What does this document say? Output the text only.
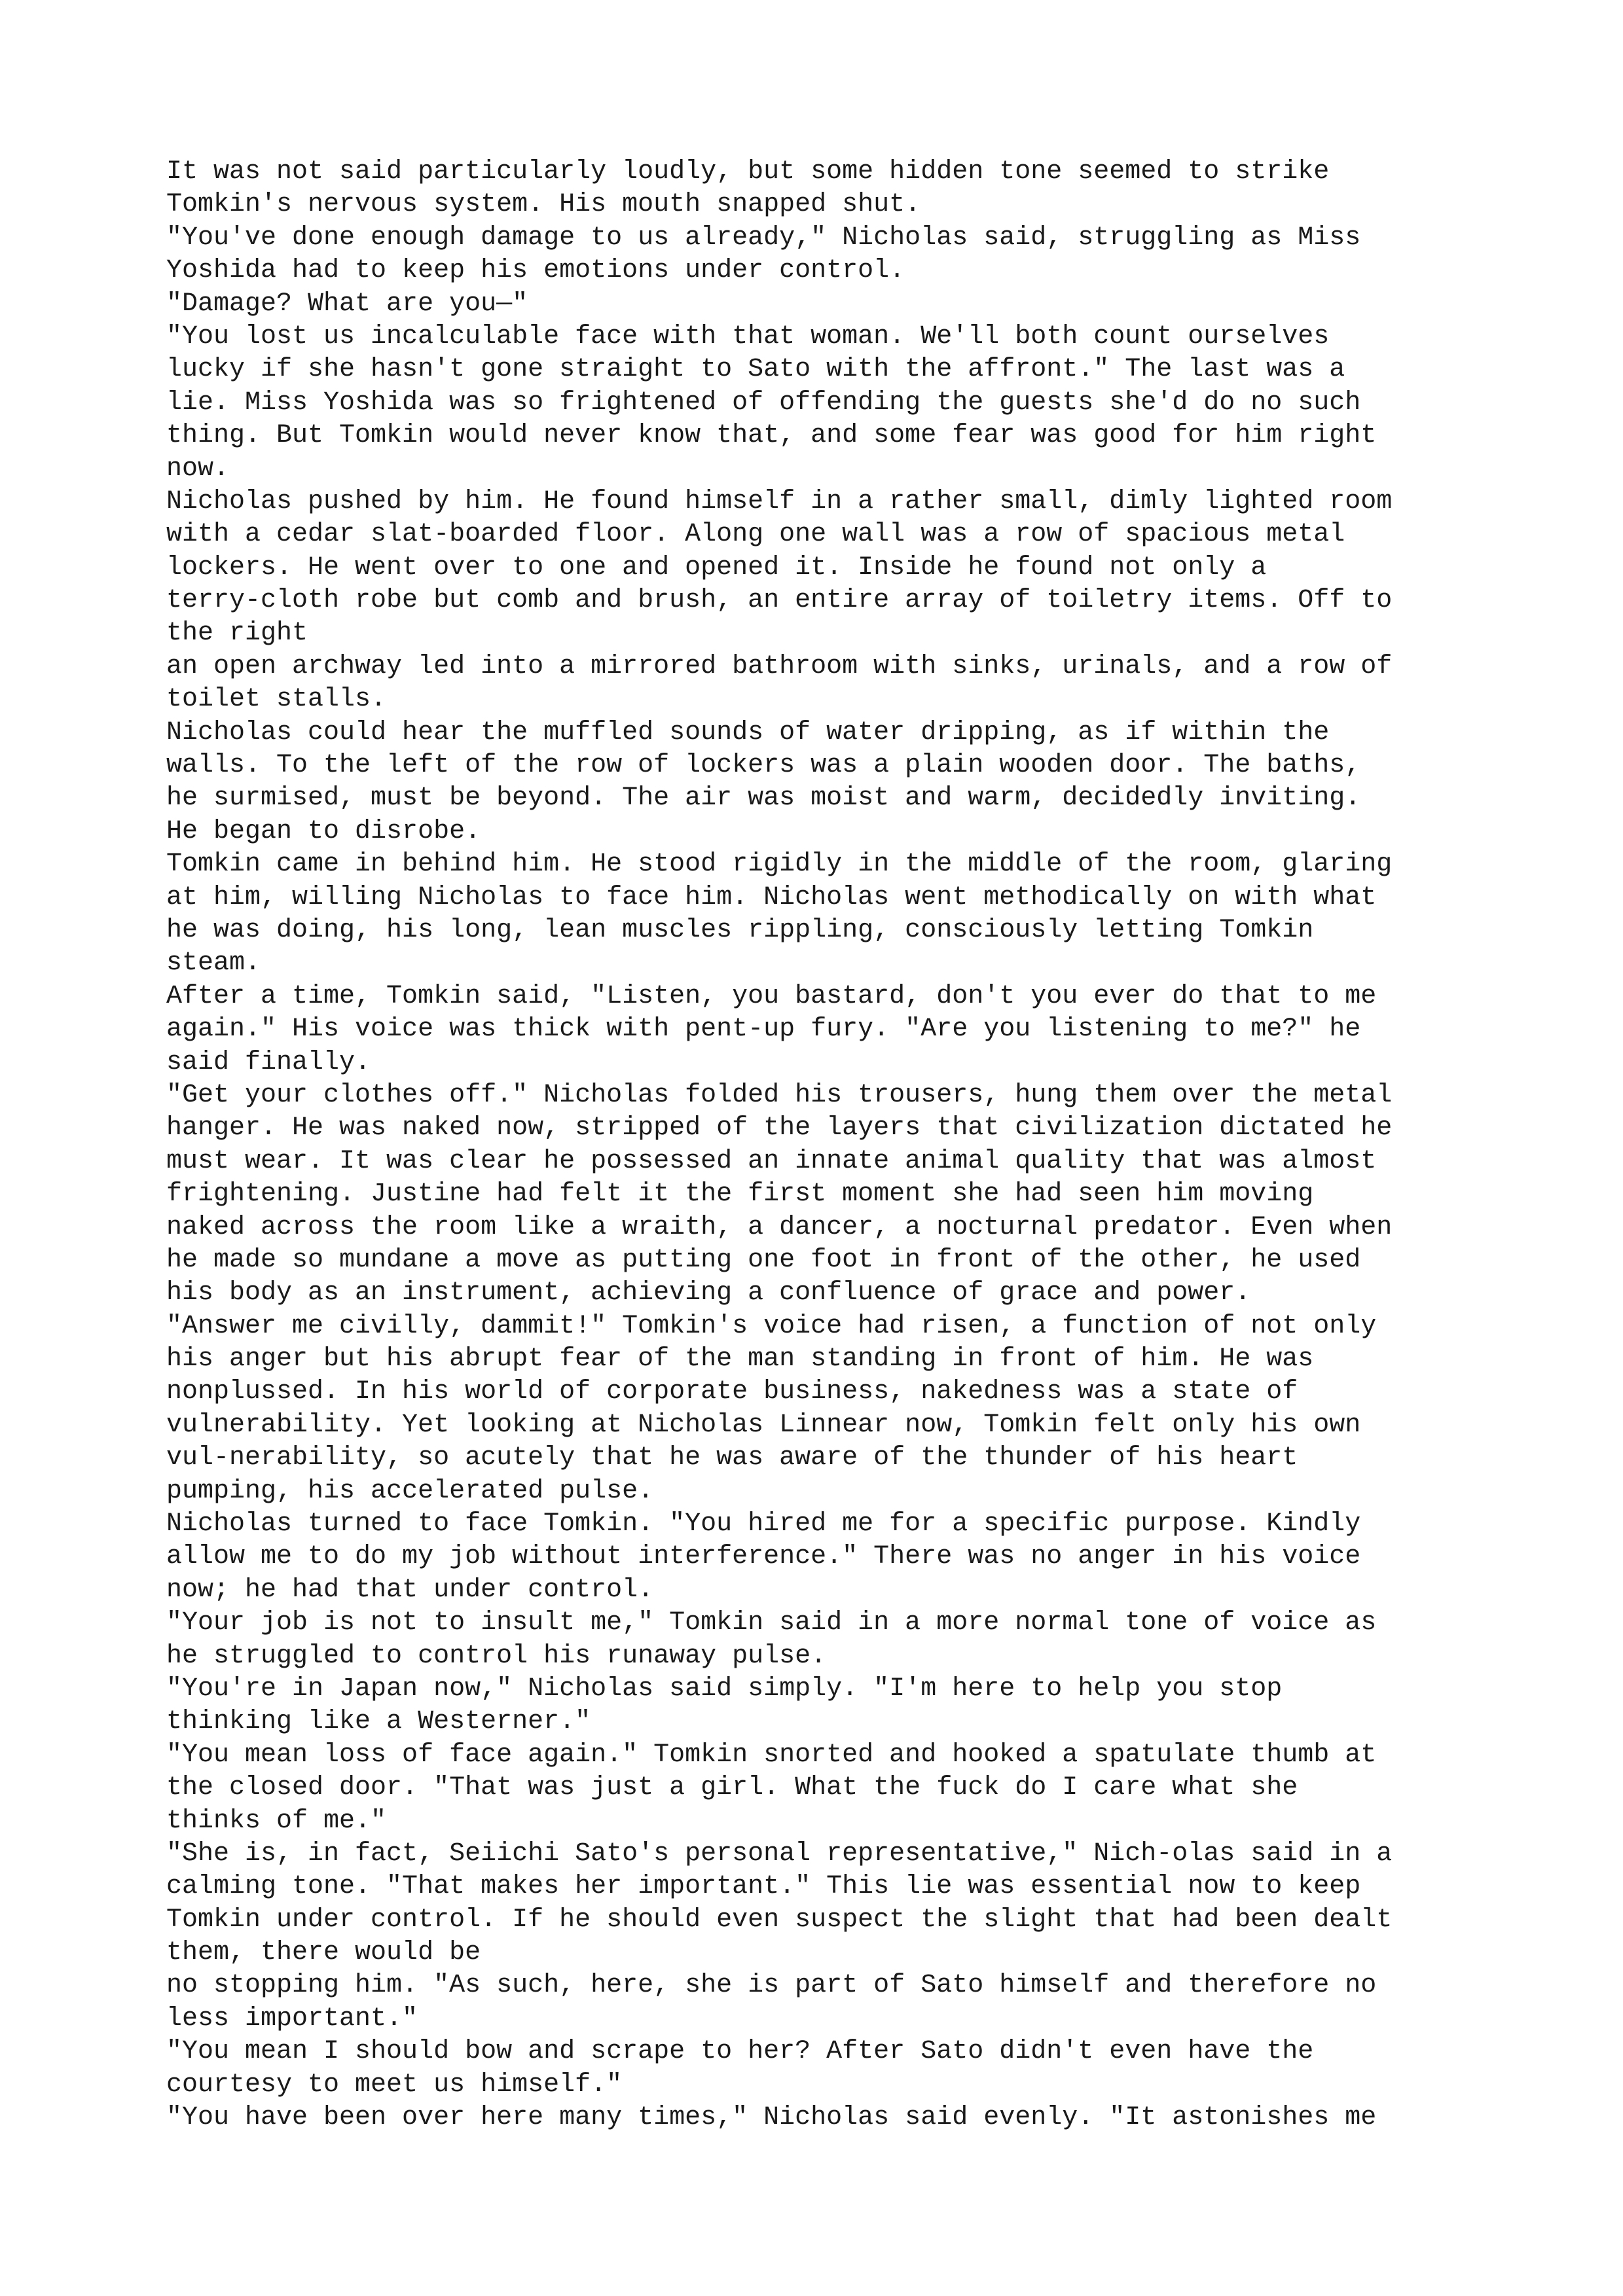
It was not said particularly loudly, but some hidden tone seemed to strike
Tomkin's nervous system. His mouth snapped shut.
"You've done enough damage to us already," Nicholas said, struggling as Miss
Yoshida had to keep his emotions under control.
"Damage? What are you—"
"You lost us incalculable face with that woman. We'll both count ourselves
lucky if she hasn't gone straight to Sato with the affront." The last was a
lie. Miss Yoshida was so frightened of offending the guests she'd do no such
thing. But Tomkin would never know that, and some fear was good for him right
now.
Nicholas pushed by him. He found himself in a rather small, dimly lighted room
with a cedar slat-boarded floor. Along one wall was a row of spacious metal
lockers. He went over to one and opened it. Inside he found not only a
terry-cloth robe but comb and brush, an entire array of toiletry items. Off to
the right
an open archway led into a mirrored bathroom with sinks, urinals, and a row of
toilet stalls.
Nicholas could hear the muffled sounds of water dripping, as if within the
walls. To the left of the row of lockers was a plain wooden door. The baths,
he surmised, must be beyond. The air was moist and warm, decidedly inviting.
He began to disrobe.
Tomkin came in behind him. He stood rigidly in the middle of the room, glaring
at him, willing Nicholas to face him. Nicholas went methodically on with what
he was doing, his long, lean muscles rippling, consciously letting Tomkin
steam.
After a time, Tomkin said, "Listen, you bastard, don't you ever do that to me
again." His voice was thick with pent-up fury. "Are you listening to me?" he
said finally.
"Get your clothes off." Nicholas folded his trousers, hung them over the metal
hanger. He was naked now, stripped of the layers that civilization dictated he
must wear. It was clear he possessed an innate animal quality that was almost
frightening. Justine had felt it the first moment she had seen him moving
naked across the room like a wraith, a dancer, a nocturnal predator. Even when
he made so mundane a move as putting one foot in front of the other, he used
his body as an instrument, achieving a confluence of grace and power.
"Answer me civilly, dammit!" Tomkin's voice had risen, a function of not only
his anger but his abrupt fear of the man standing in front of him. He was
nonplussed. In his world of corporate business, nakedness was a state of
vulnerability. Yet looking at Nicholas Linnear now, Tomkin felt only his own
vul-nerability, so acutely that he was aware of the thunder of his heart
pumping, his accelerated pulse.
Nicholas turned to face Tomkin. "You hired me for a specific purpose. Kindly
allow me to do my job without interference." There was no anger in his voice
now; he had that under control.
"Your job is not to insult me," Tomkin said in a more normal tone of voice as
he struggled to control his runaway pulse.
"You're in Japan now," Nicholas said simply. "I'm here to help you stop
thinking like a Westerner."
"You mean loss of face again." Tomkin snorted and hooked a spatulate thumb at
the closed door. "That was just a girl. What the fuck do I care what she
thinks of me."
"She is, in fact, Seiichi Sato's personal representative," Nich-olas said in a
calming tone. "That makes her important." This lie was essential now to keep
Tomkin under control. If he should even suspect the slight that had been dealt
them, there would be
no stopping him. "As such, here, she is part of Sato himself and therefore no
less important."
"You mean I should bow and scrape to her? After Sato didn't even have the
courtesy to meet us himself."
"You have been over here many times," Nicholas said evenly. "It astonishes me
